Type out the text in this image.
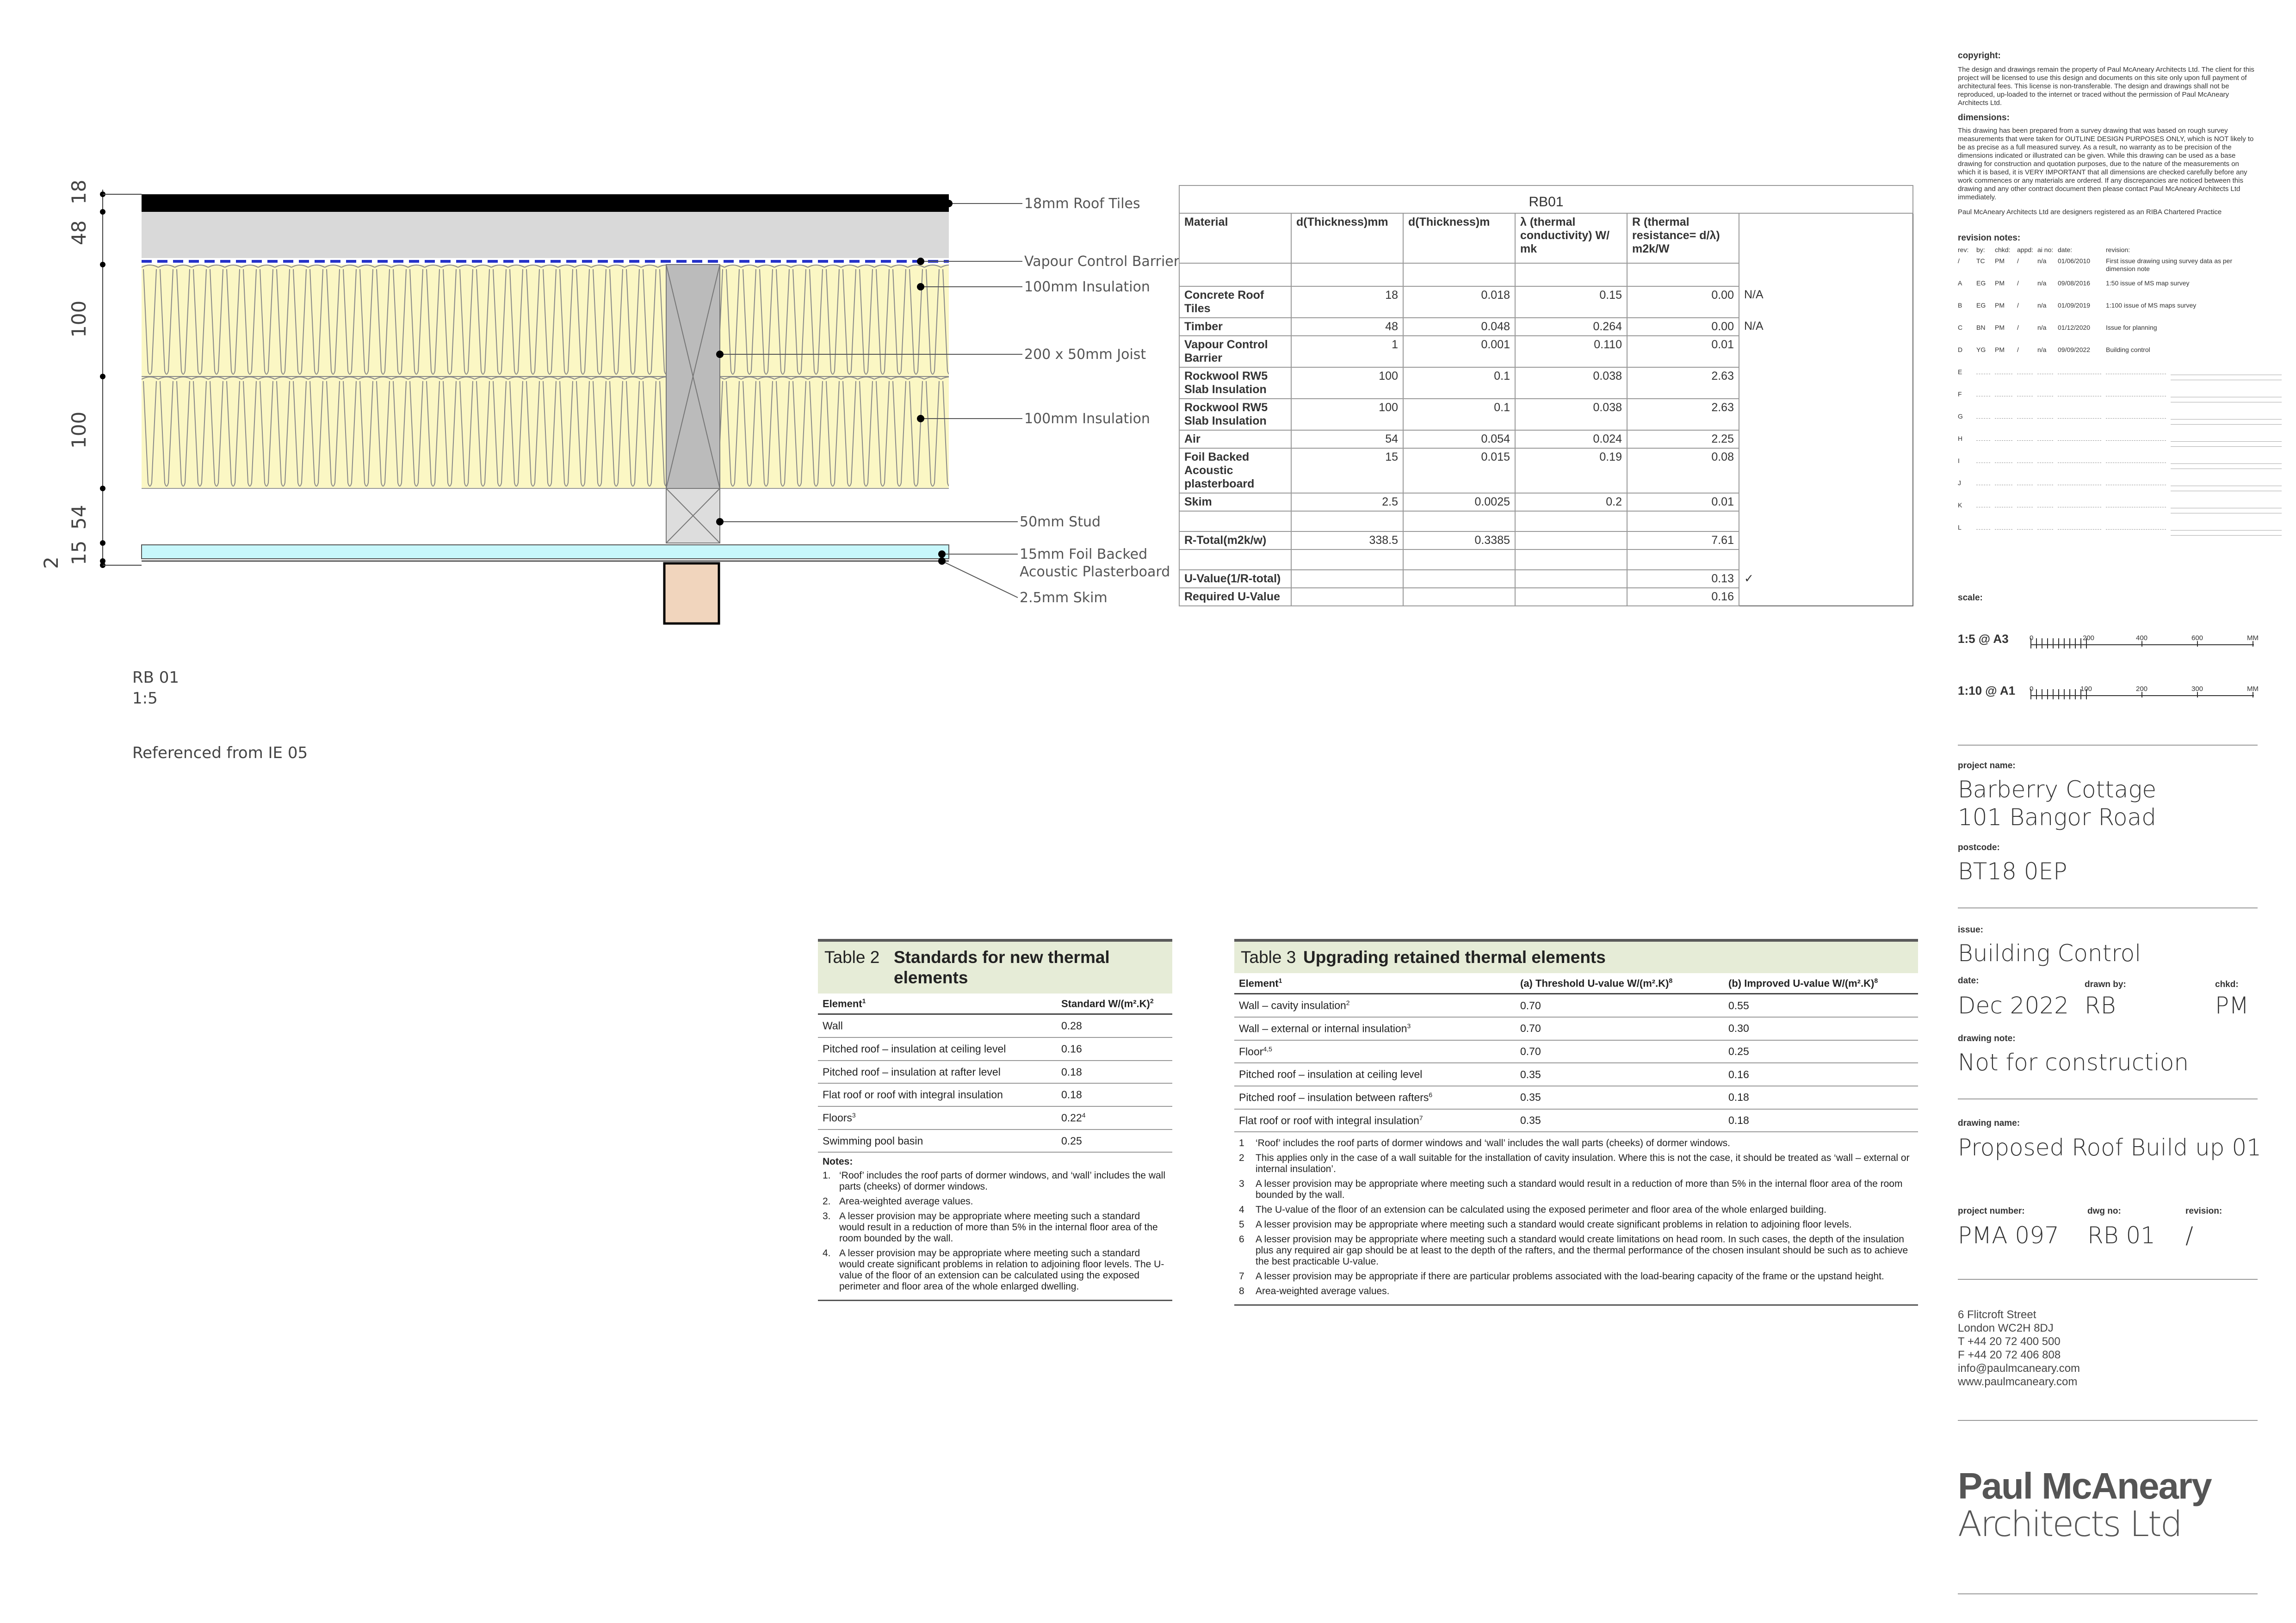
18
48
100
100
54
15
2
18mm Roof Tiles
Vapour Control Barrier
100mm Insulation
200 x 50mm Joist
100mm Insulation
50mm Stud
15mm Foil Backed
Acoustic Plasterboard
2.5mm Skim
RB 01
1:5
Referenced from IE 05
RB01					
Material	d(Thickness)mm	d(Thickness)m	λ (thermal conductivity) W/ mk	R (thermal resistance= d/λ) m2k/W	

Concrete Roof Tiles	18	0.018	0.15	0.00	N/A
Timber	48	0.048	0.264	0.00	N/A
Vapour Control Barrier	1	0.001	0.110	0.01	
Rockwool RW5 Slab Insulation	100	0.1	0.038	2.63	
Rockwool RW5 Slab Insulation	100	0.1	0.038	2.63	
Air	54	0.054	0.024	2.25	
Foil Backed Acoustic plasterboard	15	0.015	0.19	0.08	
Skim	2.5	0.0025	0.2	0.01	

R-Total(m2k/w)	338.5	0.3385		7.61	

U-Value(1/R-total)				0.13	✓
Required U-Value				0.16	
Table 2 Standards for new thermal elements
Element$^1$	Standard $W/(m^2.K)^2$
Wall	0.28
Pitched roof – insulation at ceiling level	0.16
Pitched roof – insulation at rafter level	0.18
Flat roof or roof with integral insulation	0.18
Floors$^3$	0.22$^4$
Swimming pool basin	0.25
Notes:
1. ‘Roof’ includes the roof parts of dormer windows, and ‘wall’ includes the wall parts (cheeks) of dormer windows.
2. Area-weighted average values.
3. A lesser provision may be appropriate where meeting such a standard would result in a reduction of more than 5% in the internal floor area of the room bounded by the wall.
4. A lesser provision may be appropriate where meeting such a standard would create significant problems in relation to adjoining floor levels. The U-value of the floor of an extension can be calculated using the exposed perimeter and floor area of the whole enlarged dwelling.
Table 3 Upgrading retained thermal elements
Element$^1$	(a) Threshold U-value $W/(m^2.K)^8$	(b) Improved U-value $W/(m^2.K)^8$
Wall – cavity insulation$^2$	0.70	0.55
Wall – external or internal insulation$^3$	0.70	0.30
Floor$^{4,5}$	0.70	0.25
Pitched roof – insulation at ceiling level	0.35	0.16
Pitched roof – insulation between rafters$^6$	0.35	0.18
Flat roof or roof with integral insulation$^7$	0.35	0.18
1	‘Roof’ includes the roof parts of dormer windows and ‘wall’ includes the wall parts (cheeks) of dormer windows.
2	This applies only in the case of a wall suitable for the installation of cavity insulation. Where this is not the case, it should be treated as ‘wall – external or internal insulation’.
3	A lesser provision may be appropriate where meeting such a standard would result in a reduction of more than 5% in the internal floor area of the room bounded by the wall.
4	The U-value of the floor of an extension can be calculated using the exposed perimeter and floor area of the whole enlarged building.
5	A lesser provision may be appropriate where meeting such a standard would create significant problems in relation to adjoining floor levels.
6	A lesser provision may be appropriate where meeting such a standard would create limitations on head room. In such cases, the depth of the insulation plus any required air gap should be at least to the depth of the rafters, and the thermal performance of the chosen insulant should be such as to achieve the best practicable U-value.
7	A lesser provision may be appropriate if there are particular problems associated with the load-bearing capacity of the frame or the upstand height.
8	Area-weighted average values.
copyright:
The design and drawings remain the property of Paul McAneary Architects Ltd. The client for this project will be licensed to use this design and documents on this site only upon full payment of architectural fees. This license is non-transferable. The design and drawings shall not be reproduced, up-loaded to the internet or traced without the permission of Paul McAneary Architects Ltd.
dimensions:
This drawing has been prepared from a survey drawing that was based on rough survey measurements that were taken for OUTLINE DESIGN PURPOSES ONLY, which is NOT likely to be as precise as a full measured survey. As a result, no warranty as to be precision of the dimensions indicated or illustrated can be given. While this drawing can be used as a base drawing for construction and quotation purposes, due to the nature of the measurements on which it is based, it is VERY IMPORTANT that all dimensions are checked carefully before any work commences or any materials are ordered. If any discrepancies are noticed between this drawing and any other contract document then please contact Paul McAneary Architects Ltd immediately.
Paul McAneary Architects Ltd are designers registered as an RIBA Chartered Practice
revision notes:
rev:	by:	chkd:	appd: ai no: date:	revision:
/	TC	PM	/	n/a	01/06/2010	First issue drawing using survey data as per dimension note
A	EG	PM	/	n/a	09/08/2016	1:50 issue of MS map survey
B	EG	PM	/	n/a	01/09/2019	1:100 issue of MS maps survey
C	BN	PM	/	n/a	01/12/2020	Issue for planning
D	YG	PM	/	n/a	09/09/2022	Building control
E
F
G
H
I
J
K
L
scale:
1:5 @ A3
1:10 @ A1
0	200	400	600	MM
0	100	200	300	MM
project name:
Barberry Cottage
101 Bangor Road
postcode:
BT18 0EP
issue:
Building Control
date:
Dec 2022
drawn by:
RB
chkd:
PM
drawing note:
Not for construction
drawing name:
Proposed Roof Build up 01
project number:
PMA 097
dwg no:
RB 01
revision:
/
6 Flitcroft Street
London WC2H 8DJ
T +44 20 72 400 500
F +44 20 72 406 808
info@paulmcaneary.com
www.paulmcaneary.com
Paul McAneary
Architects Ltd
